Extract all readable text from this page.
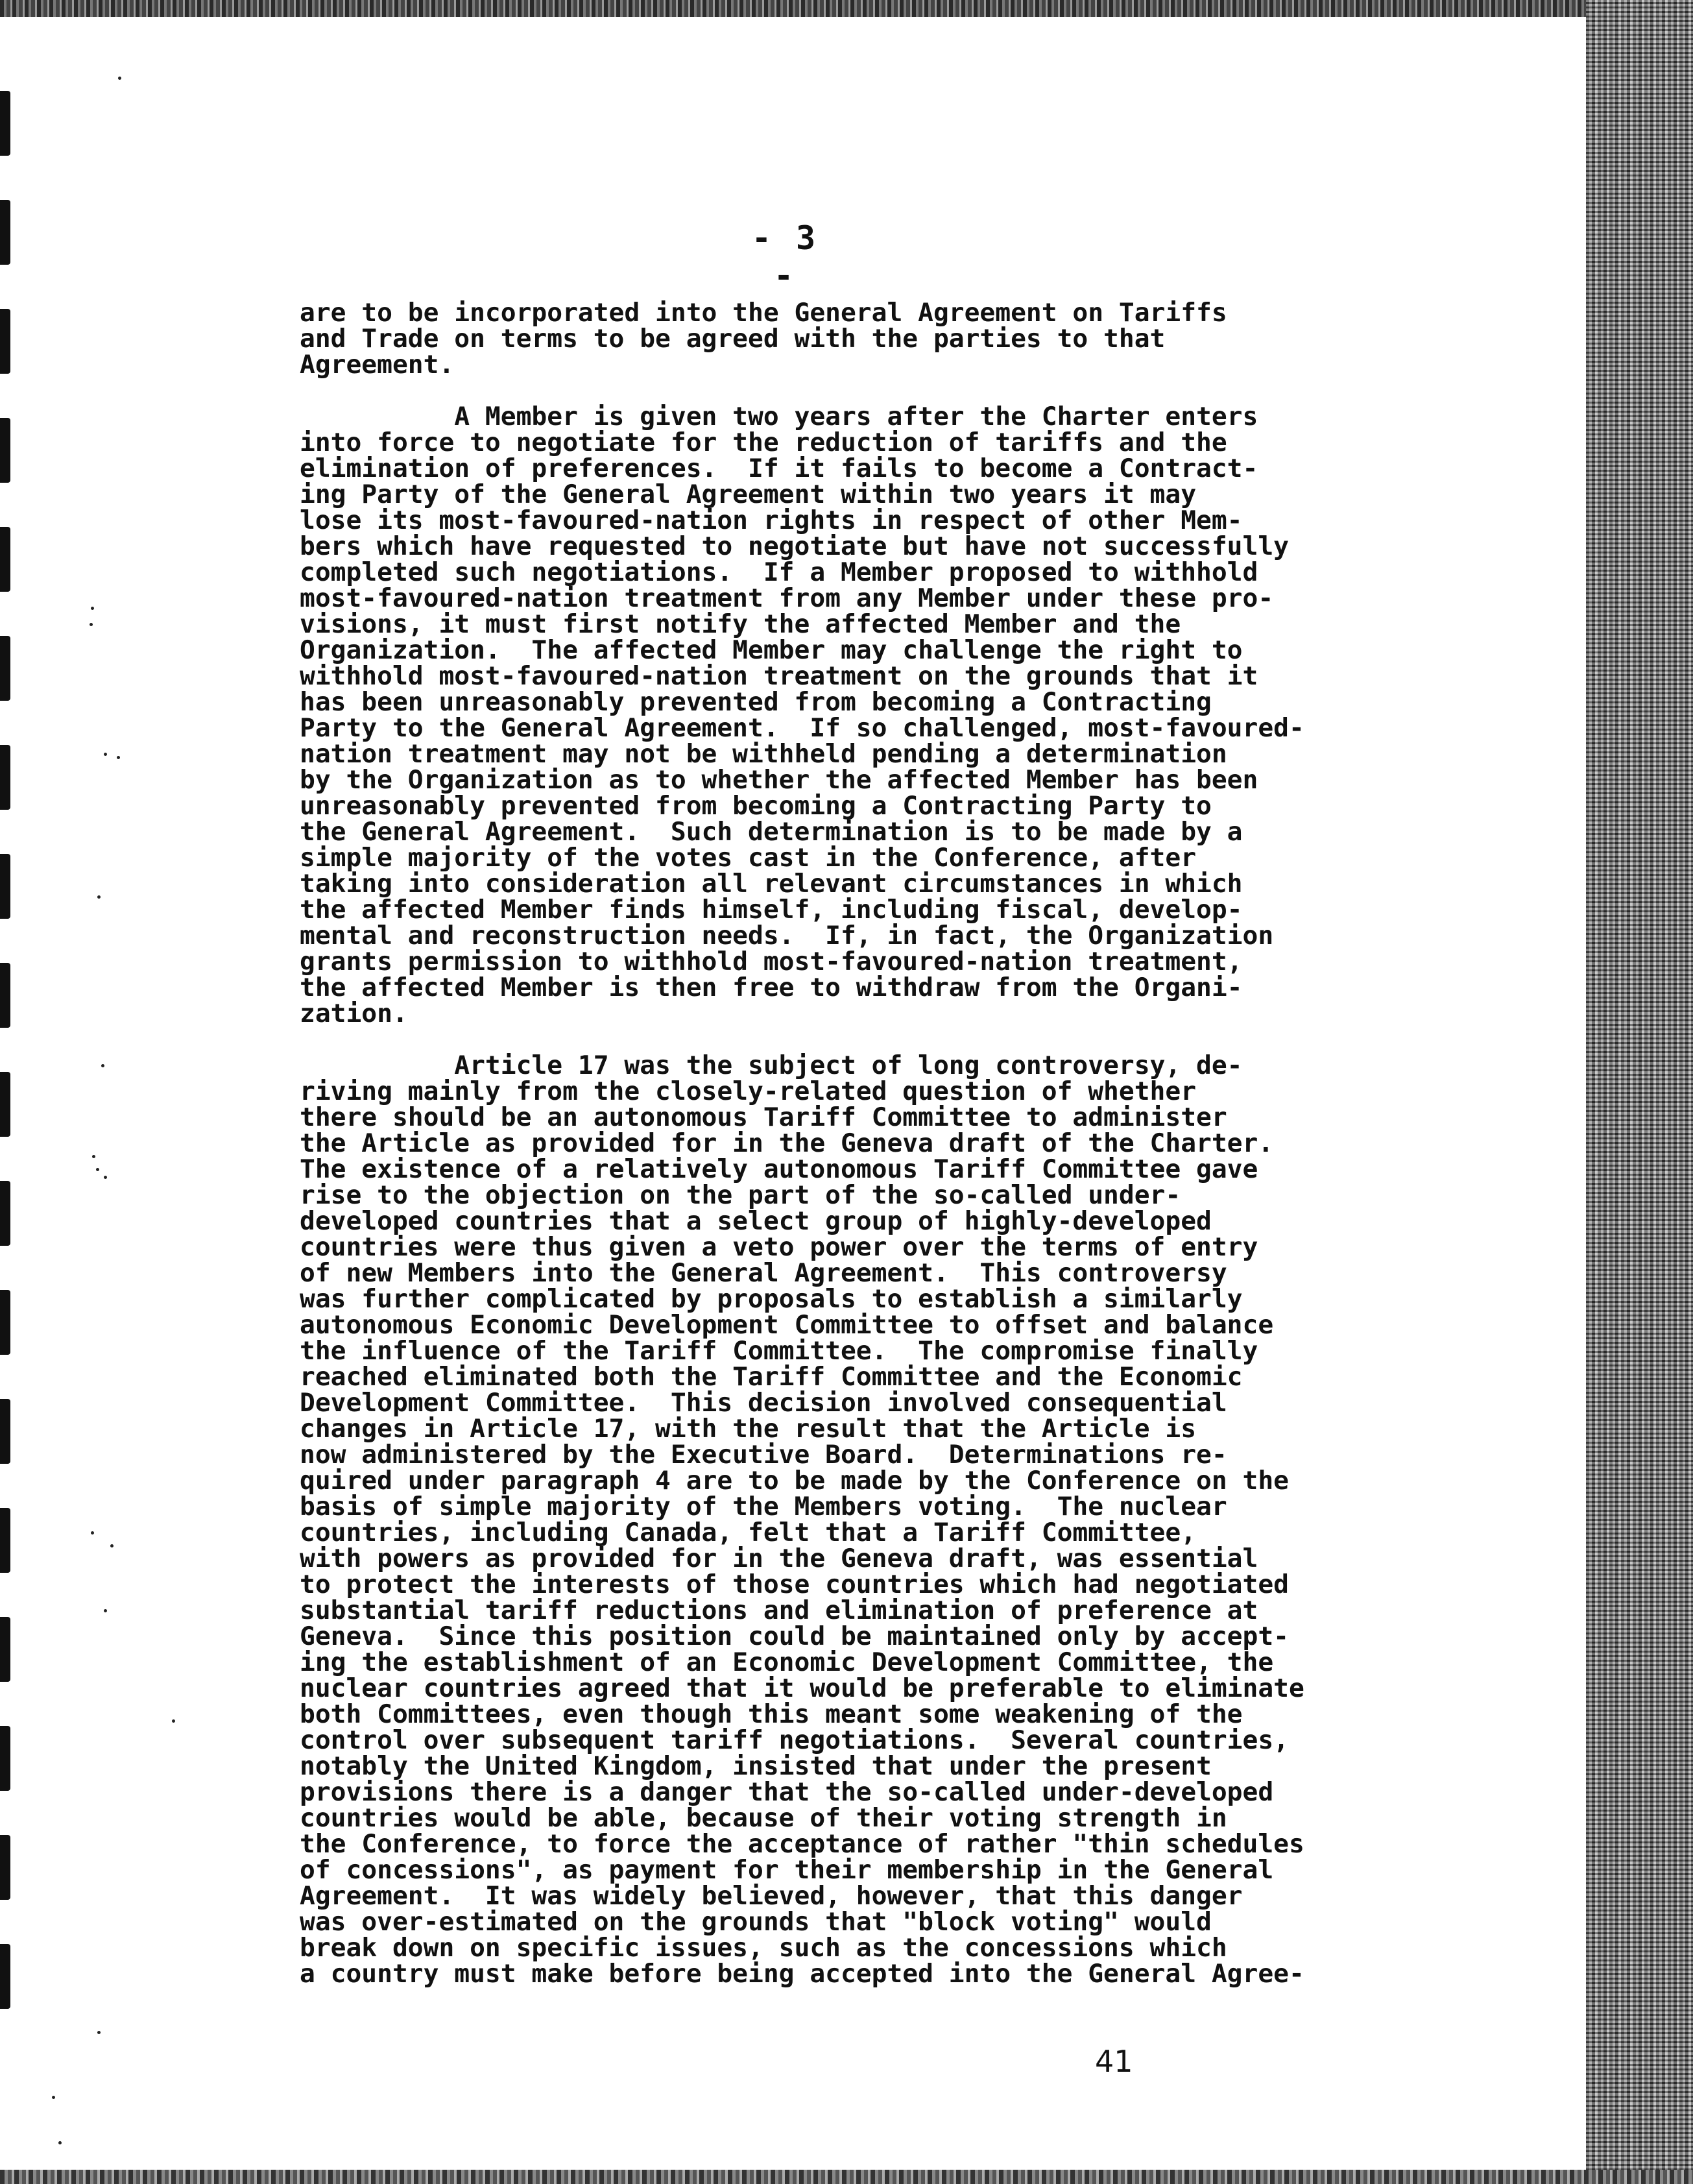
- 3 -
are to be incorporated into the General Agreement on Tariffs
and Trade on terms to be agreed with the parties to that
Agreement.
A Member is given two years after the Charter enters
into force to negotiate for the reduction of tariffs and the
elimination of preferences.  If it fails to become a Contract-
ing Party of the General Agreement within two years it may
lose its most-favoured-nation rights in respect of other Mem-
bers which have requested to negotiate but have not successfully
completed such negotiations.  If a Member proposed to withhold
most-favoured-nation treatment from any Member under these pro-
visions, it must first notify the affected Member and the
Organization.  The affected Member may challenge the right to
withhold most-favoured-nation treatment on the grounds that it
has been unreasonably prevented from becoming a Contracting
Party to the General Agreement.  If so challenged, most-favoured-
nation treatment may not be withheld pending a determination
by the Organization as to whether the affected Member has been
unreasonably prevented from becoming a Contracting Party to
the General Agreement.  Such determination is to be made by a
simple majority of the votes cast in the Conference, after
taking into consideration all relevant circumstances in which
the affected Member finds himself, including fiscal, develop-
mental and reconstruction needs.  If, in fact, the Organization
grants permission to withhold most-favoured-nation treatment,
the affected Member is then free to withdraw from the Organi-
zation.
Article 17 was the subject of long controversy, de-
riving mainly from the closely-related question of whether
there should be an autonomous Tariff Committee to administer
the Article as provided for in the Geneva draft of the Charter.
The existence of a relatively autonomous Tariff Committee gave
rise to the objection on the part of the so-called under-
developed countries that a select group of highly-developed
countries were thus given a veto power over the terms of entry
of new Members into the General Agreement.  This controversy
was further complicated by proposals to establish a similarly
autonomous Economic Development Committee to offset and balance
the influence of the Tariff Committee.  The compromise finally
reached eliminated both the Tariff Committee and the Economic
Development Committee.  This decision involved consequential
changes in Article 17, with the result that the Article is
now administered by the Executive Board.  Determinations re-
quired under paragraph 4 are to be made by the Conference on the
basis of simple majority of the Members voting.  The nuclear
countries, including Canada, felt that a Tariff Committee,
with powers as provided for in the Geneva draft, was essential
to protect the interests of those countries which had negotiated
substantial tariff reductions and elimination of preference at
Geneva.  Since this position could be maintained only by accept-
ing the establishment of an Economic Development Committee, the
nuclear countries agreed that it would be preferable to eliminate
both Committees, even though this meant some weakening of the
control over subsequent tariff negotiations.  Several countries,
notably the United Kingdom, insisted that under the present
provisions there is a danger that the so-called under-developed
countries would be able, because of their voting strength in
the Conference, to force the acceptance of rather "thin schedules
of concessions", as payment for their membership in the General
Agreement.  It was widely believed, however, that this danger
was over-estimated on the grounds that "block voting" would
break down on specific issues, such as the concessions which
a country must make before being accepted into the General Agree-
41
